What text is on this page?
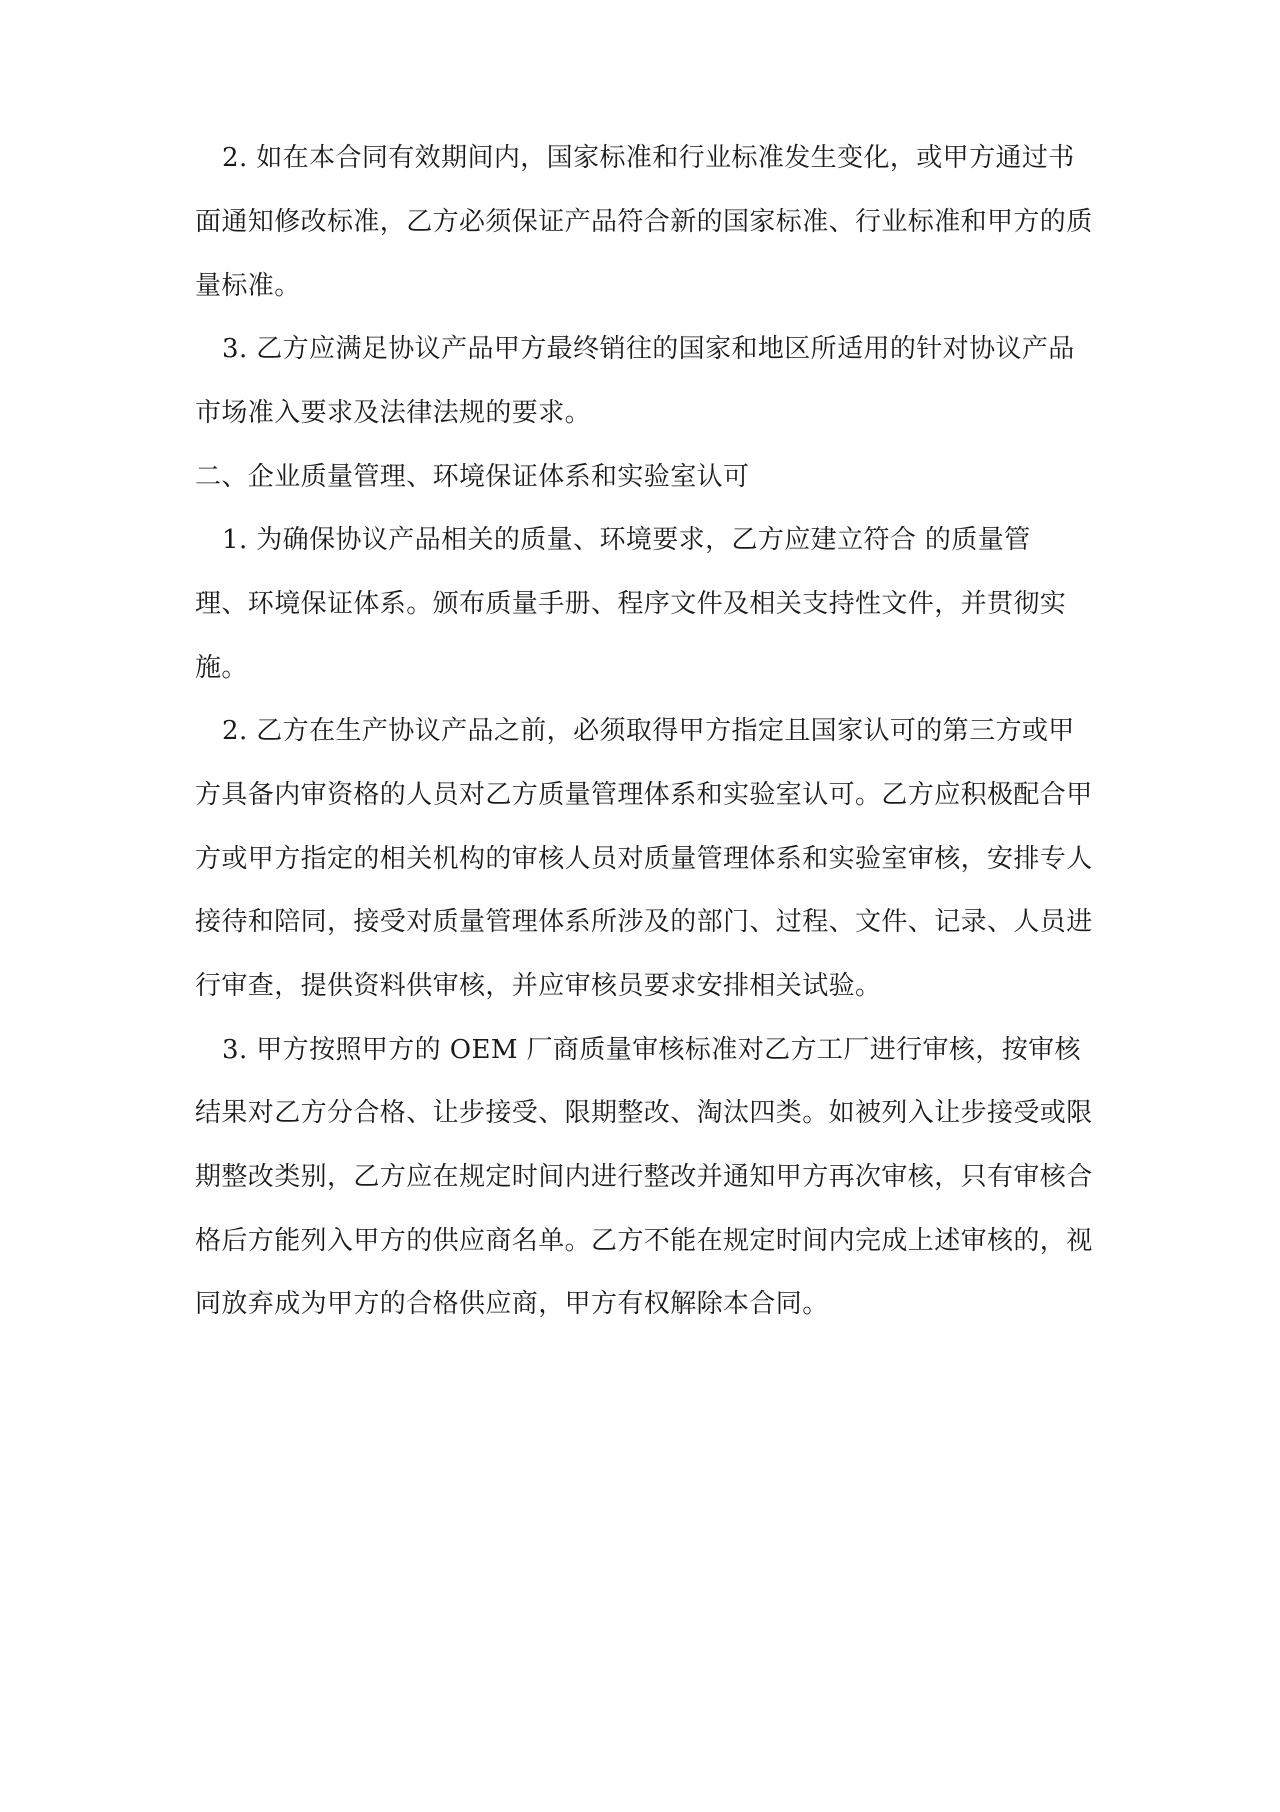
2. 如在本合同有效期间内，国家标准和行业标准发生变化，或甲方通过书

面通知修改标准，乙方必须保证产品符合新的国家标准、行业标准和甲方的质

量标准。

3. 乙方应满足协议产品甲方最终销往的国家和地区所适用的针对协议产品

市场准入要求及法律法规的要求。

二、企业质量管理、环境保证体系和实验室认可

1. 为确保协议产品相关的质量、环境要求，乙方应建立符合 的质量管

理、环境保证体系。颁布质量手册、程序文件及相关支持性文件，并贯彻实

施。

2. 乙方在生产协议产品之前，必须取得甲方指定且国家认可的第三方或甲

方具备内审资格的人员对乙方质量管理体系和实验室认可。乙方应积极配合甲

方或甲方指定的相关机构的审核人员对质量管理体系和实验室审核，安排专人

接待和陪同，接受对质量管理体系所涉及的部门、过程、文件、记录、人员进

行审查，提供资料供审核，并应审核员要求安排相关试验。

3. 甲方按照甲方的 OEM 厂商质量审核标准对乙方工厂进行审核，按审核

结果对乙方分合格、让步接受、限期整改、淘汰四类。如被列入让步接受或限

期整改类别，乙方应在规定时间内进行整改并通知甲方再次审核，只有审核合

格后方能列入甲方的供应商名单。乙方不能在规定时间内完成上述审核的，视

同放弃成为甲方的合格供应商，甲方有权解除本合同。
